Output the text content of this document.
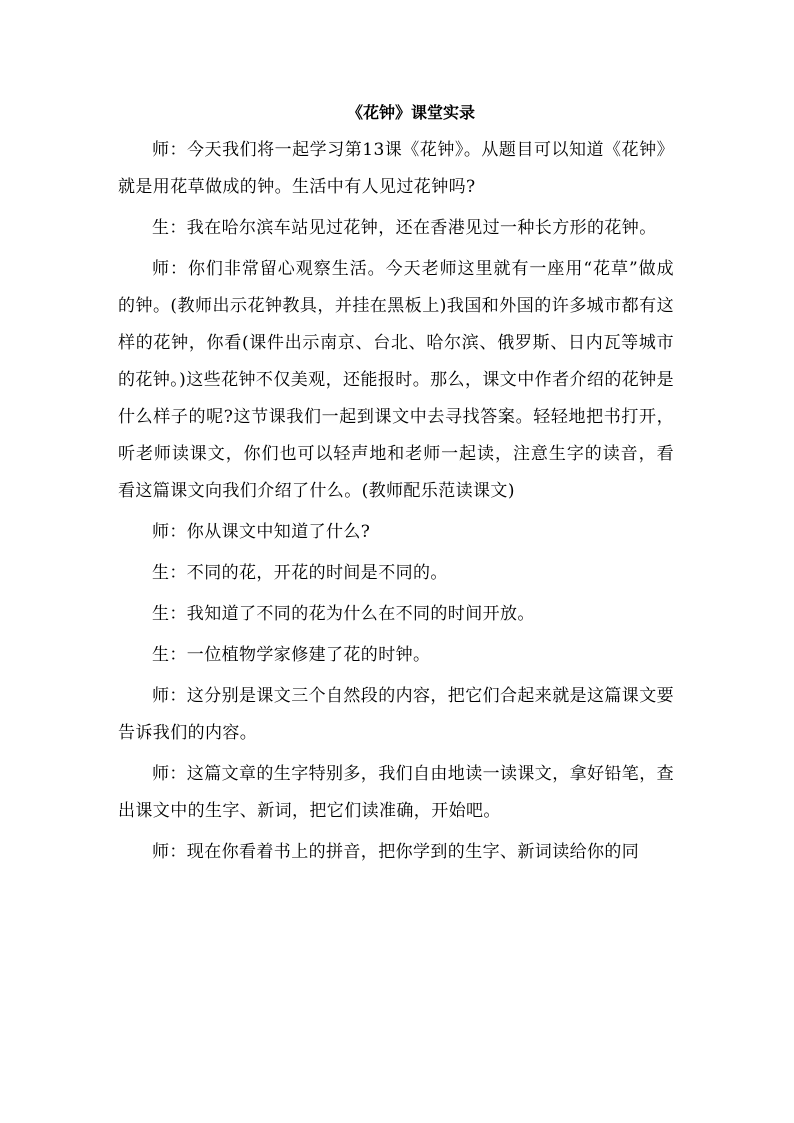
《花钟》课堂实录

师：今天我们将一起学习第13课《花钟》。从题目可以知道《花钟》就是用花草做成的钟。生活中有人见过花钟吗?

生：我在哈尔滨车站见过花钟，还在香港见过一种长方形的花钟。

师：你们非常留心观察生活。今天老师这里就有一座用“花草”做成的钟。(教师出示花钟教具，并挂在黑板上)我国和外国的许多城市都有这样的花钟，你看(课件出示南京、台北、哈尔滨、俄罗斯、日内瓦等城市的花钟。)这些花钟不仅美观，还能报时。那么，课文中作者介绍的花钟是什么样子的呢?这节课我们一起到课文中去寻找答案。轻轻地把书打开，听老师读课文，你们也可以轻声地和老师一起读，注意生字的读音，看看这篇课文向我们介绍了什么。(教师配乐范读课文)

师：你从课文中知道了什么?

生：不同的花，开花的时间是不同的。

生：我知道了不同的花为什么在不同的时间开放。

生：一位植物学家修建了花的时钟。

师：这分别是课文三个自然段的内容，把它们合起来就是这篇课文要告诉我们的内容。

师：这篇文章的生字特别多，我们自由地读一读课文，拿好铅笔，查出课文中的生字、新词，把它们读准确，开始吧。

师：现在你看着书上的拼音，把你学到的生字、新词读给你的同
